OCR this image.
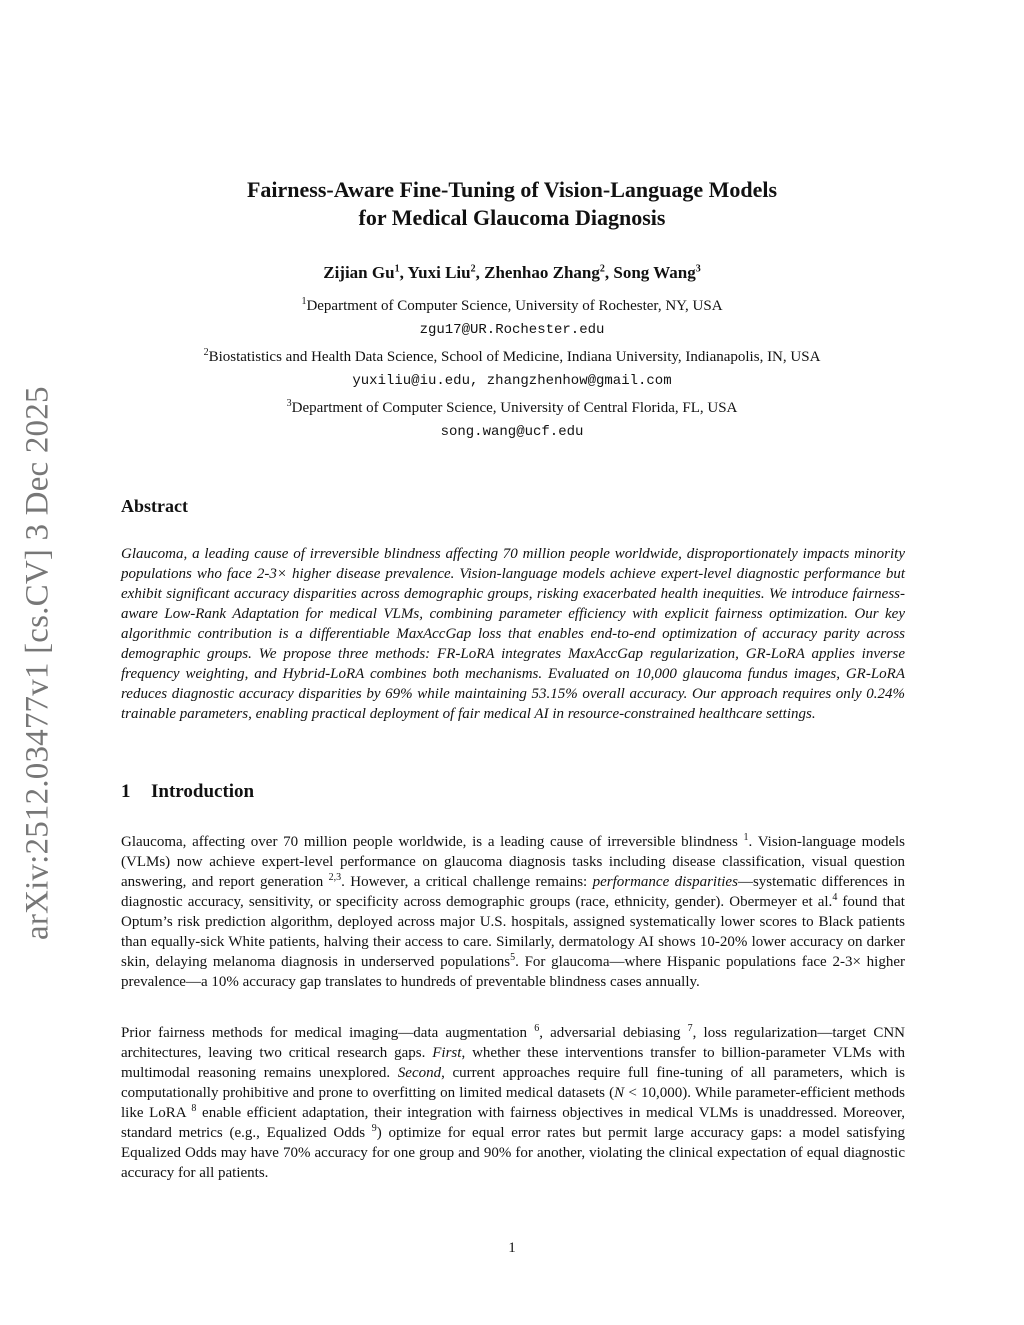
arXiv:2512.03477v1 [cs.CV] 3 Dec 2025
Fairness-Aware Fine-Tuning of Vision-Language Models
for Medical Glaucoma Diagnosis
Zijian Gu$^1$, Yuxi Liu$^2$, Zhenhao Zhang$^2$, Song Wang$^3$
$^1$Department of Computer Science, University of Rochester, NY, USA
zgu17@UR.Rochester.edu
$^2$Biostatistics and Health Data Science, School of Medicine, Indiana University, Indianapolis, IN, USA
yuxiliu@iu.edu, zhangzhenhow@gmail.com
$^3$Department of Computer Science, University of Central Florida, FL, USA
song.wang@ucf.edu
Abstract
Glaucoma, a leading cause of irreversible blindness affecting 70 million people worldwide, disproportionately impacts minority populations who face 2-3× higher disease prevalence. Vision-language models achieve expert-level diagnostic performance but exhibit significant accuracy disparities across demographic groups, risking exacerbated health inequities. We introduce fairness-aware Low-Rank Adaptation for medical VLMs, combining parameter efficiency with explicit fairness optimization. Our key algorithmic contribution is a differentiable MaxAccGap loss that enables end-to-end optimization of accuracy parity across demographic groups. We propose three methods: FR-LoRA integrates MaxAccGap regularization, GR-LoRA applies inverse frequency weighting, and Hybrid-LoRA combines both mechanisms. Evaluated on 10,000 glaucoma fundus images, GR-LoRA reduces diagnostic accuracy disparities by 69% while maintaining 53.15% overall accuracy. Our approach requires only 0.24% trainable parameters, enabling practical deployment of fair medical AI in resource-constrained healthcare settings.
1 Introduction

Glaucoma, affecting over 70 million people worldwide, is a leading cause of irreversible blindness $^1$. Vision-language models (VLMs) now achieve expert-level performance on glaucoma diagnosis tasks including disease classification, visual question answering, and report generation $^{2,3}$. However, a critical challenge remains: performance disparities—systematic differences in diagnostic accuracy, sensitivity, or specificity across demographic groups (race, ethnicity, gender). Obermeyer et al.$^4$ found that Optum’s risk prediction algorithm, deployed across major U.S. hospitals, assigned systematically lower scores to Black patients than equally-sick White patients, halving their access to care. Similarly, dermatology AI shows 10-20% lower accuracy on darker skin, delaying melanoma diagnosis in underserved populations$^5$. For glaucoma—where Hispanic populations face 2-3× higher prevalence—a 10% accuracy gap translates to hundreds of preventable blindness cases annually.

Prior fairness methods for medical imaging—data augmentation $^6$, adversarial debiasing $^7$, loss regularization—target CNN architectures, leaving two critical research gaps. First, whether these interventions transfer to billion-parameter VLMs with multimodal reasoning remains unexplored. Second, current approaches require full fine-tuning of all parameters, which is computationally prohibitive and prone to overfitting on limited medical datasets (N < 10,000). While parameter-efficient methods like LoRA $^8$ enable efficient adaptation, their integration with fairness objectives in medical VLMs is unaddressed. Moreover, standard metrics (e.g., Equalized Odds $^9$) optimize for equal error rates but permit large accuracy gaps: a model satisfying Equalized Odds may have 70% accuracy for one group and 90% for another, violating the clinical expectation of equal diagnostic accuracy for all patients.

1
